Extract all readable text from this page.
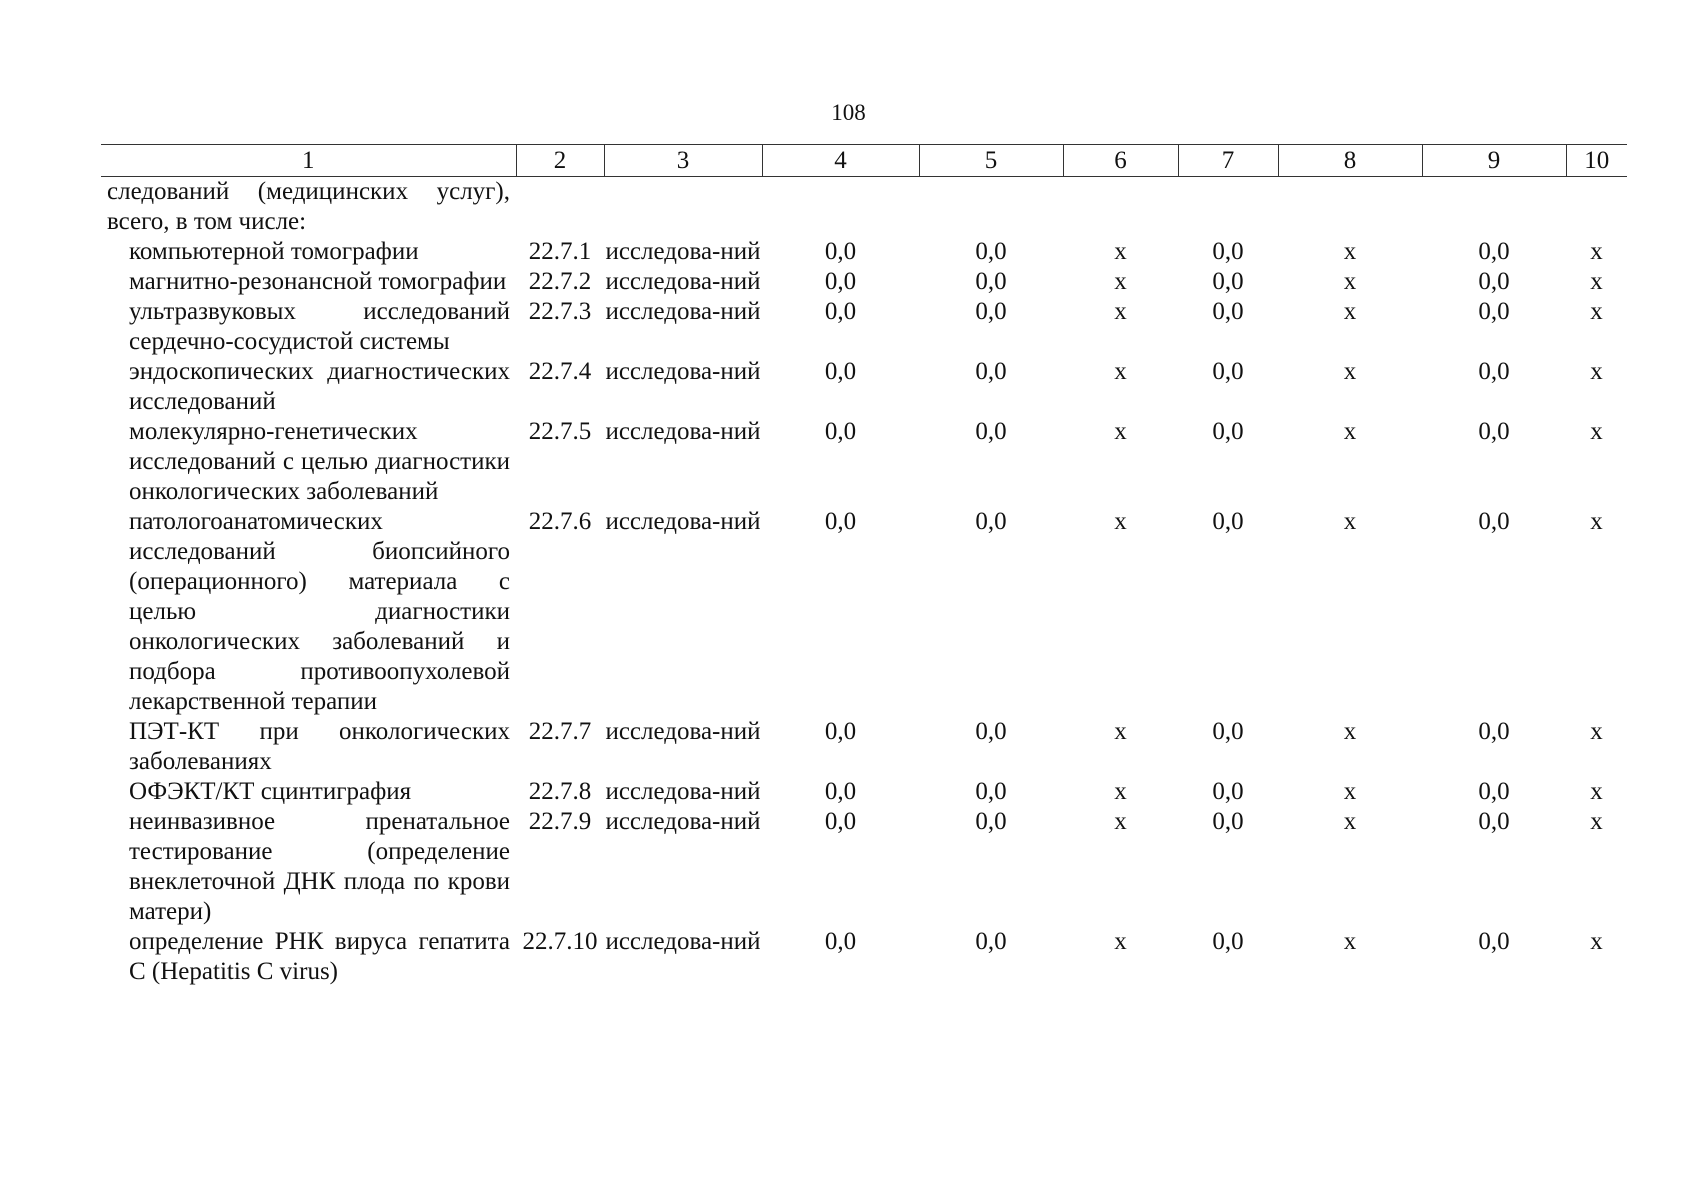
108
1	2	3	4	5	6	7	8	9	10
следований (медицинских услуг), всего, в том числе:									
компьютерной томографии	22.7.1	исследова-ний	0,0	0,0	х	0,0	х	0,0	х
магнитно-резонансной томографии	22.7.2	исследова-ний	0,0	0,0	х	0,0	х	0,0	х
ультразвуковых исследований сердечно-сосудистой системы	22.7.3	исследова-ний	0,0	0,0	х	0,0	х	0,0	х
эндоскопических диагностических исследований	22.7.4	исследова-ний	0,0	0,0	х	0,0	х	0,0	х
молекулярно-генетических исследований с целью диагностики онкологических заболеваний	22.7.5	исследова-ний	0,0	0,0	х	0,0	х	0,0	х
патологоанатомических исследований биопсийного (операционного) материала с целью диагностики онкологических заболеваний и подбора противоопухолевой лекарственной терапии	22.7.6	исследова-ний	0,0	0,0	х	0,0	х	0,0	х
ПЭТ-КТ при онкологических заболеваниях	22.7.7	исследова-ний	0,0	0,0	х	0,0	х	0,0	х
ОФЭКТ/КТ сцинтиграфия	22.7.8	исследова-ний	0,0	0,0	х	0,0	х	0,0	х
неинвазивное пренатальное тестирование (определение внеклеточной ДНК плода по крови матери)	22.7.9	исследова-ний	0,0	0,0	х	0,0	х	0,0	х
определение РНК вируса гепатита С (Hepatitis C virus)	22.7.10	исследова-ний	0,0	0,0	х	0,0	х	0,0	х
